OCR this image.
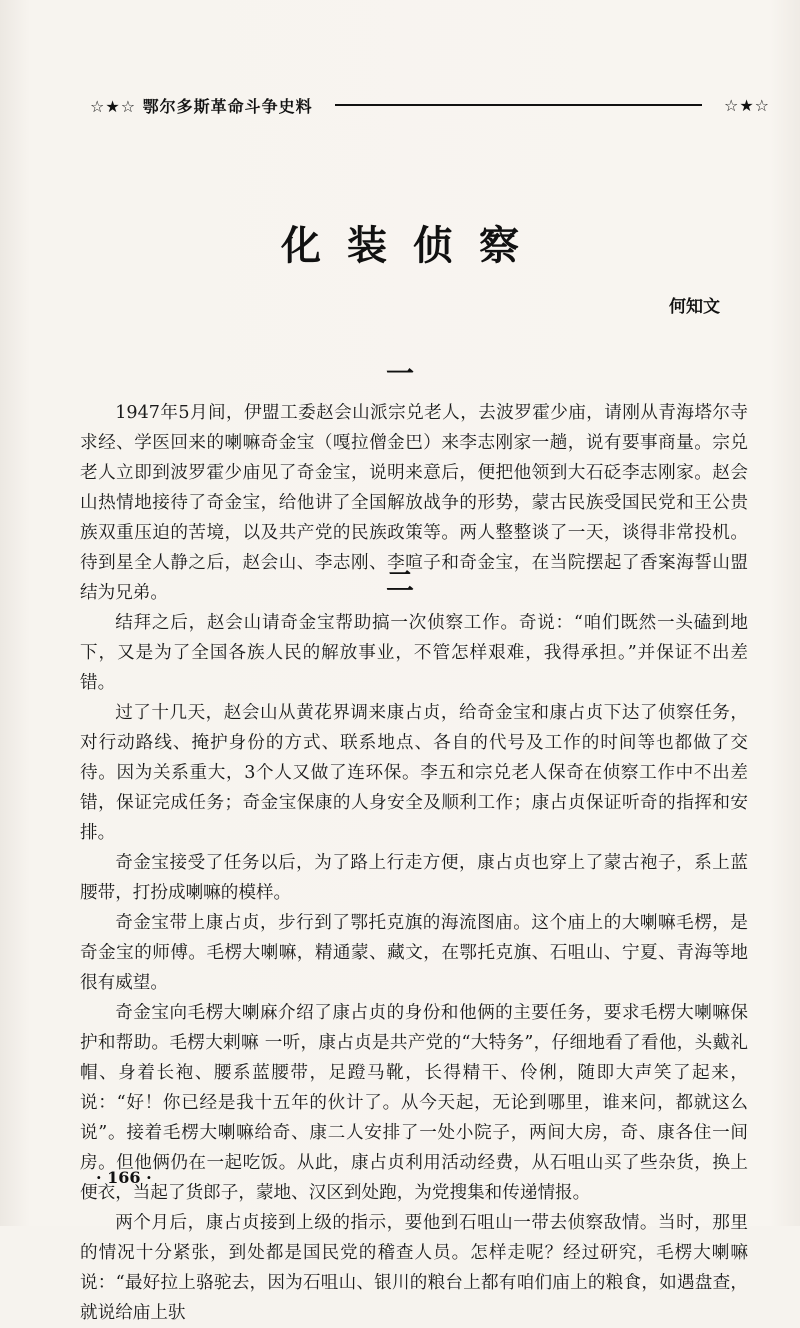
☆★☆ 鄂尔多斯革命斗争史料	☆★☆
化装侦察
何知文
一

1947年5月间，伊盟工委赵会山派宗兑老人，去波罗霍少庙，请刚从青海塔尔寺求经、学医回来的喇嘛奇金宝（嘎拉僧金巴）来李志刚家一趟，说有要事商量。宗兑老人立即到波罗霍少庙见了奇金宝，说明来意后，便把他领到大石砭李志刚家。赵会山热情地接待了奇金宝，给他讲了全国解放战争的形势，蒙古民族受国民党和王公贵族双重压迫的苦境，以及共产党的民族政策等。两人整整谈了一天，谈得非常投机。待到星全人静之后，赵会山、李志刚、李喧子和奇金宝，在当院摆起了香案海誓山盟结为兄弟。	二

结拜之后，赵会山请奇金宝帮助搞一次侦察工作。奇说：“咱们既然一头磕到地下，又是为了全国各族人民的解放事业，不管怎样艰难，我得承担。”并保证不出差错。

过了十几天，赵会山从黄花界调来康占贞，给奇金宝和康占贞下达了侦察任务，对行动路线、掩护身份的方式、联系地点、各自的代号及工作的时间等也都做了交待。因为关系重大，3个人又做了连环保。李五和宗兑老人保奇在侦察工作中不出差错，保证完成任务；奇金宝保康的人身安全及顺利工作；康占贞保证听奇的指挥和安排。

奇金宝接受了任务以后，为了路上行走方便，康占贞也穿上了蒙古袍子，系上蓝腰带，打扮成喇嘛的模样。

奇金宝带上康占贞，步行到了鄂托克旗的海流图庙。这个庙上的大喇嘛毛楞，是奇金宝的师傅。毛楞大喇嘛，精通蒙、藏文，在鄂托克旗、石咀山、宁夏、青海等地很有威望。

奇金宝向毛楞大喇麻介绍了康占贞的身份和他俩的主要任务，要求毛楞大喇嘛保护和帮助。毛楞大剌嘛 一听，康占贞是共产党的“大特务”，仔细地看了看他，头戴礼帽、身着长袍、腰系蓝腰带，足蹬马靴，长得精干、伶俐，随即大声笑了起来，说：“好！你已经是我十五年的伙计了。从今天起，无论到哪里，谁来问，都就这么说”。接着毛楞大喇嘛给奇、康二人安排了一处小院子，两间大房，奇、康各住一间房。但他俩仍在一起吃饭。从此，康占贞利用活动经费，从石咀山买了些杂货，换上便衣，当起了货郎子，蒙地、汉区到处跑，为党搜集和传递情报。

两个月后，康占贞接到上级的指示，要他到石咀山一带去侦察敌情。当时，那里的情况十分紧张，到处都是国民党的稽查人员。怎样走呢？经过研究，毛楞大喇嘛说：“最好拉上骆驼去，因为石咀山、银川的粮台上都有咱们庙上的粮食，如遇盘查，就说给庙上驮

· 166 ·
